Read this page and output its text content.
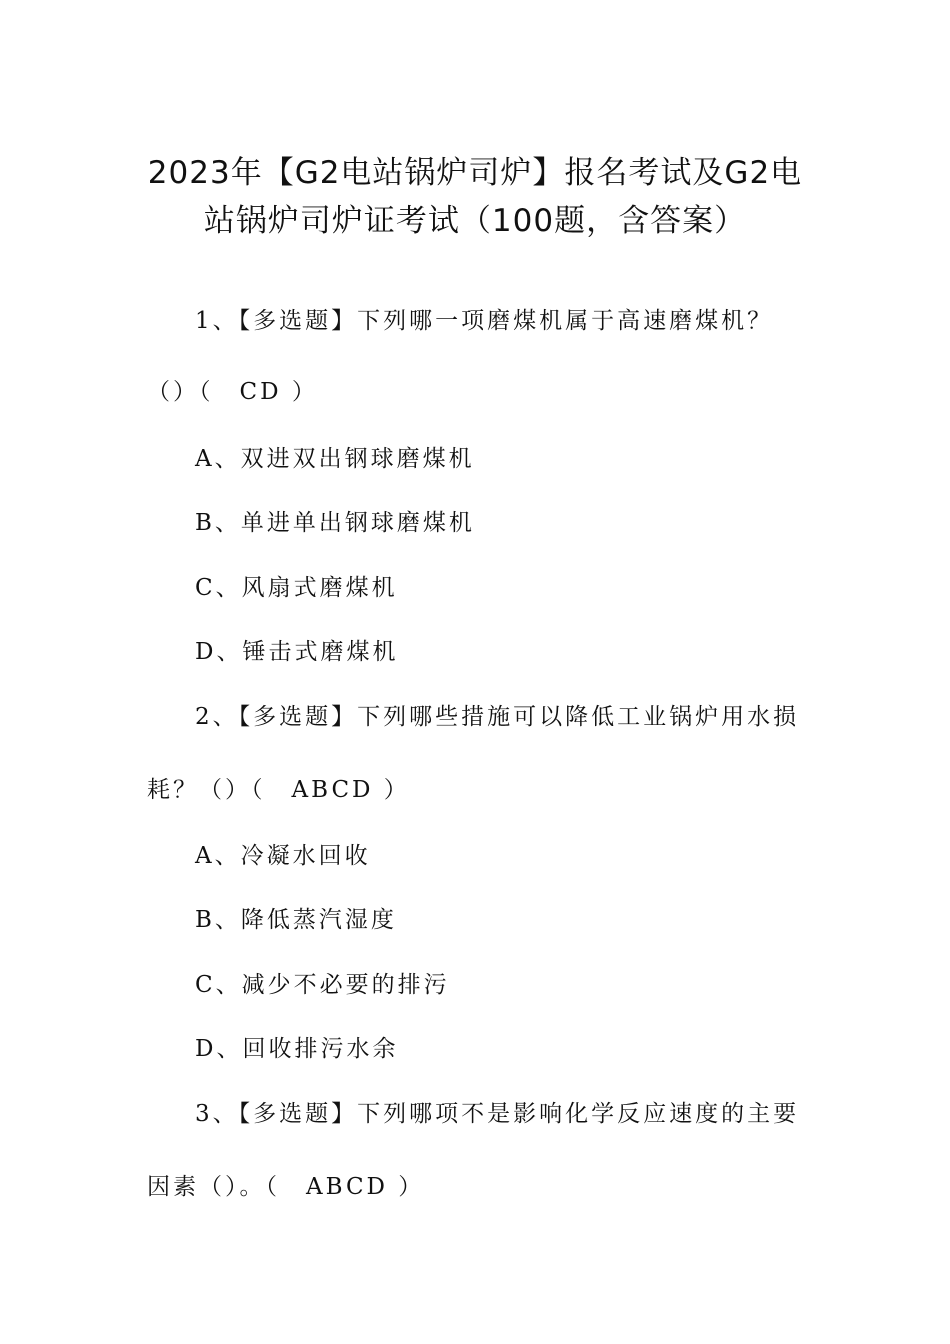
2023年【G2电站锅炉司炉】报名考试及G2电
站锅炉司炉证考试（100题，含答案）
1、【多选题】下列哪一项磨煤机属于高速磨煤机？
（）（　CD ）
A、双进双出钢球磨煤机
B、单进单出钢球磨煤机
C、风扇式磨煤机
D、锤击式磨煤机
2、【多选题】下列哪些措施可以降低工业锅炉用水损
耗？（）（　ABCD ）
A、冷凝水回收
B、降低蒸汽湿度
C、减少不必要的排污
D、回收排污水余
3、【多选题】下列哪项不是影响化学反应速度的主要
因素（）。（　ABCD ）
